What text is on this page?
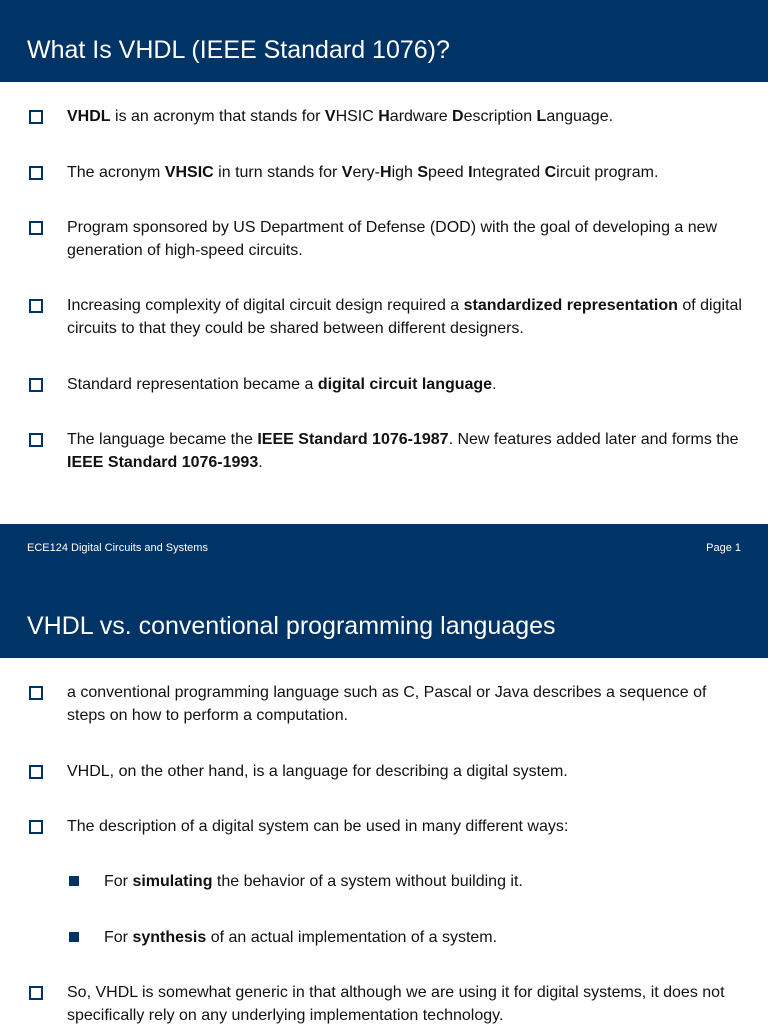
What Is VHDL (IEEE Standard 1076)?
VHDL is an acronym that stands for VHSIC Hardware Description Language.
The acronym VHSIC in turn stands for Very-High Speed Integrated Circuit program.
Program sponsored by US Department of Defense (DOD) with the goal of developing a new generation of high-speed circuits.
Increasing complexity of digital circuit design required a standardized representation of digital circuits to that they could be shared between different designers.
Standard representation became a digital circuit language.
The language became the IEEE Standard 1076-1987. New features added later and forms the IEEE Standard 1076-1993.
ECE124 Digital Circuits and Systems	Page 1
VHDL vs. conventional programming languages
a conventional programming language such as C, Pascal or Java describes a sequence of steps on how to perform a computation.
VHDL, on the other hand, is a language for describing a digital system.
The description of a digital system can be used in many different ways:
For simulating the behavior of a system without building it.
For synthesis of an actual implementation of a system.
So, VHDL is somewhat generic in that although we are using it for digital systems, it does not specifically rely on any underlying implementation technology.
